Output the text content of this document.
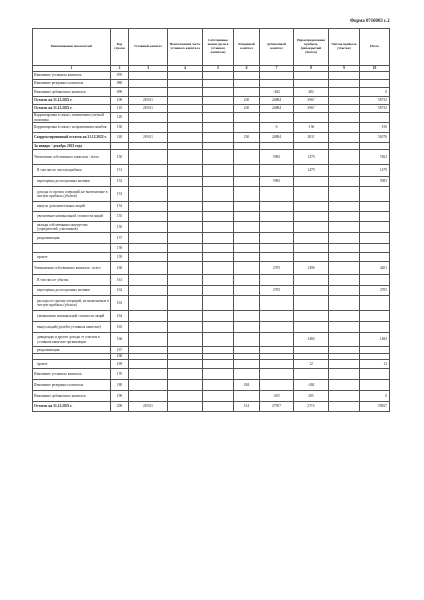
Форма 0710003 с.2
Наименование показателей	Код строки	Уставный капитал	Неоплаченная часть уставного капитала	Собственные акции (доли в уставном капитале)	Резервный капитал	Добавочный капитал	Нераспределенная прибыль (непокрытый убыток)	Чистая прибыль (убыток)	Итого
1	2	3	4	5	6	7	8	9	10
Изменение уставного капитала	070								
Изменение резервного капитала	080								
Изменение добавочного капитала	090					-482	482		0
Остаток на 31.12.2022 г.	100	28 651			230	24884	2967		56732
Остаток на 31.12.2022 г.	110	28 651			230	24884	2967		56732
Корректировка в связи с изменением учетной политики	120								
Корректировка в связи с исправлением ошибок	130					0	-156		-156
Скорректированный остаток на 31.12.2022 г.	140	28 651			230	24884	2811		56576
За январь - декабрь 2023 года									
Увеличение собственного капитала - всего	150					5983	1479		7462
В том числе: чистая прибыль	151						1479		1479
переоценка долгосрочных активов	152					5983			5983
доходы от прочих операций, не включаемые в чистую прибыль (убыток)	153								
выпуск дополнительных акций	154								
увеличение номинальной стоимости акций	155								
вклады собственника имущества (учредителей, участников)	156								
реорганизация	157								
	158								
прочее	159								
Уменьшение собственного капитала - всего	160					2705	1496		4201
В том числе: убыток	161								
переоценка долгосрочных активов	162					2705			2705
расходы от прочих операций, не включаемые в чистую прибыль (убыток)	163								
уменьшение номинальной стоимости акций	164								
выкуп акций (долей в уставном капитале)	165								
дивиденды и другие доходы от участия в уставном капитале организации	166						1484		1484
реорганизация	167								
	168								
прочее	169						12		12
Изменение уставного капитала	170								
Изменение резервного капитала	180				284		-284		
Изменение добавочного капитала	190					-205	205		0
Остаток на 31.12.2023 г.	200	28 651			514	27957	2715		59837
